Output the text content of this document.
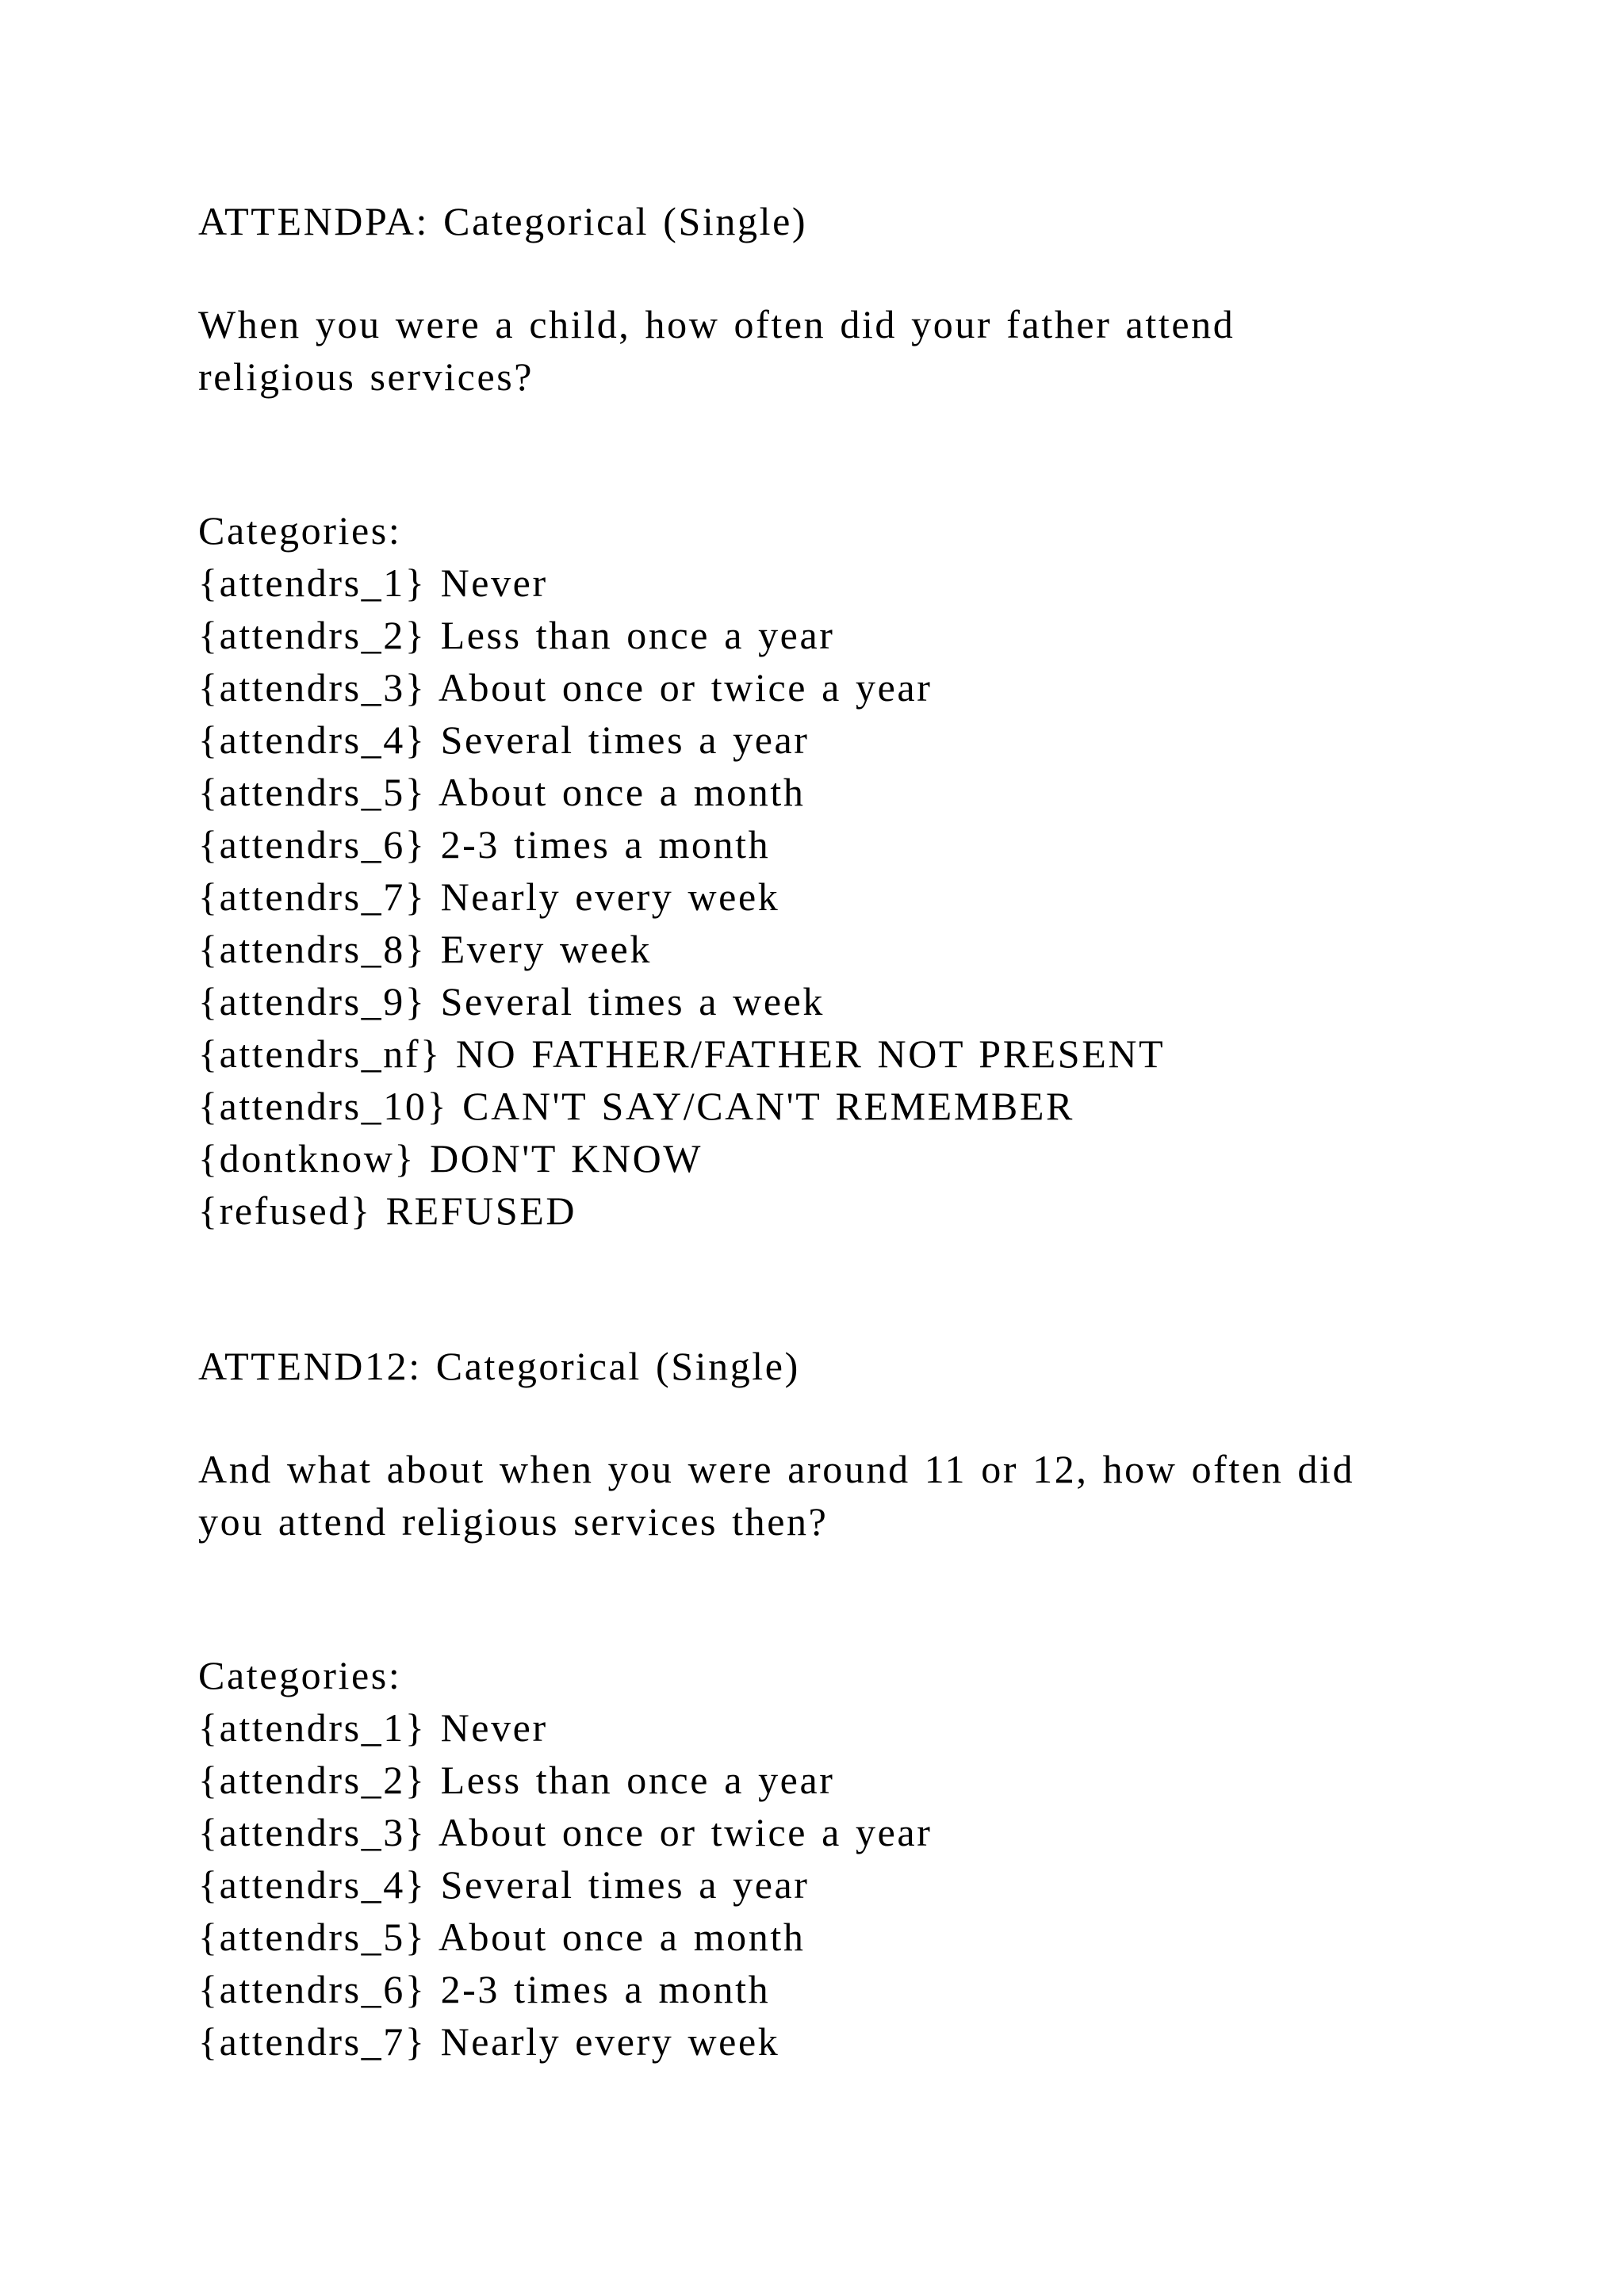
ATTENDPA: Categorical (Single)
When you were a child, how often did your father attend
religious services?
Categories:
{attendrs_1} Never
{attendrs_2} Less than once a year
{attendrs_3} About once or twice a year
{attendrs_4} Several times a year
{attendrs_5} About once a month
{attendrs_6} 2-3 times a month
{attendrs_7} Nearly every week
{attendrs_8} Every week
{attendrs_9} Several times a week
{attendrs_nf} NO FATHER/FATHER NOT PRESENT
{attendrs_10} CAN'T SAY/CAN'T REMEMBER
{dontknow} DON'T KNOW
{refused} REFUSED
ATTEND12: Categorical (Single)
And what about when you were around 11 or 12, how often did
you attend religious services then?
Categories:
{attendrs_1} Never
{attendrs_2} Less than once a year
{attendrs_3} About once or twice a year
{attendrs_4} Several times a year
{attendrs_5} About once a month
{attendrs_6} 2-3 times a month
{attendrs_7} Nearly every week
